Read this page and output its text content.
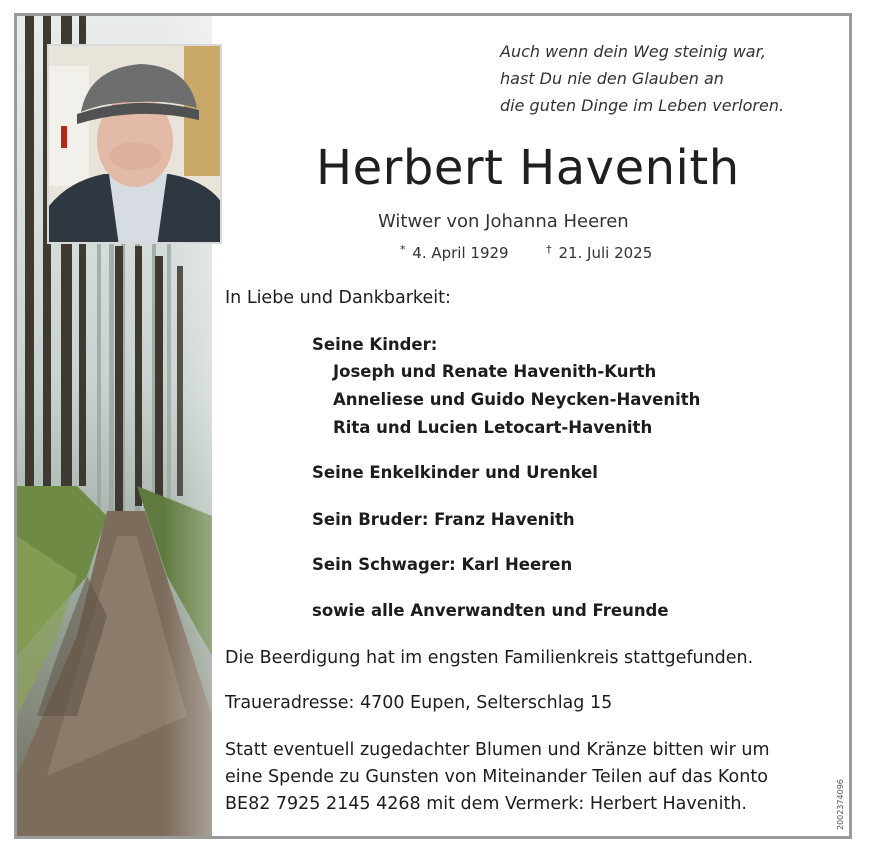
Auch wenn dein Weg steinig war,
hast Du nie den Glauben an
die guten Dinge im Leben verloren.
Herbert Havenith
Witwer von Johanna Heeren
* 4. April 1929	† 21. Juli 2025
In Liebe und Dankbarkeit:
Seine Kinder:
Joseph und Renate Havenith-Kurth
Anneliese und Guido Neycken-Havenith
Rita und Lucien Letocart-Havenith
Seine Enkelkinder und Urenkel
Sein Bruder: Franz Havenith
Sein Schwager: Karl Heeren
sowie alle Anverwandten und Freunde
Die Beerdigung hat im engsten Familienkreis stattgefunden.
Traueradresse: 4700 Eupen, Selterschlag 15
Statt eventuell zugedachter Blumen und Kränze bitten wir um
eine Spende zu Gunsten von Miteinander Teilen auf das Konto
BE82 7925 2145 4268 mit dem Vermerk: Herbert Havenith.	2002374096
